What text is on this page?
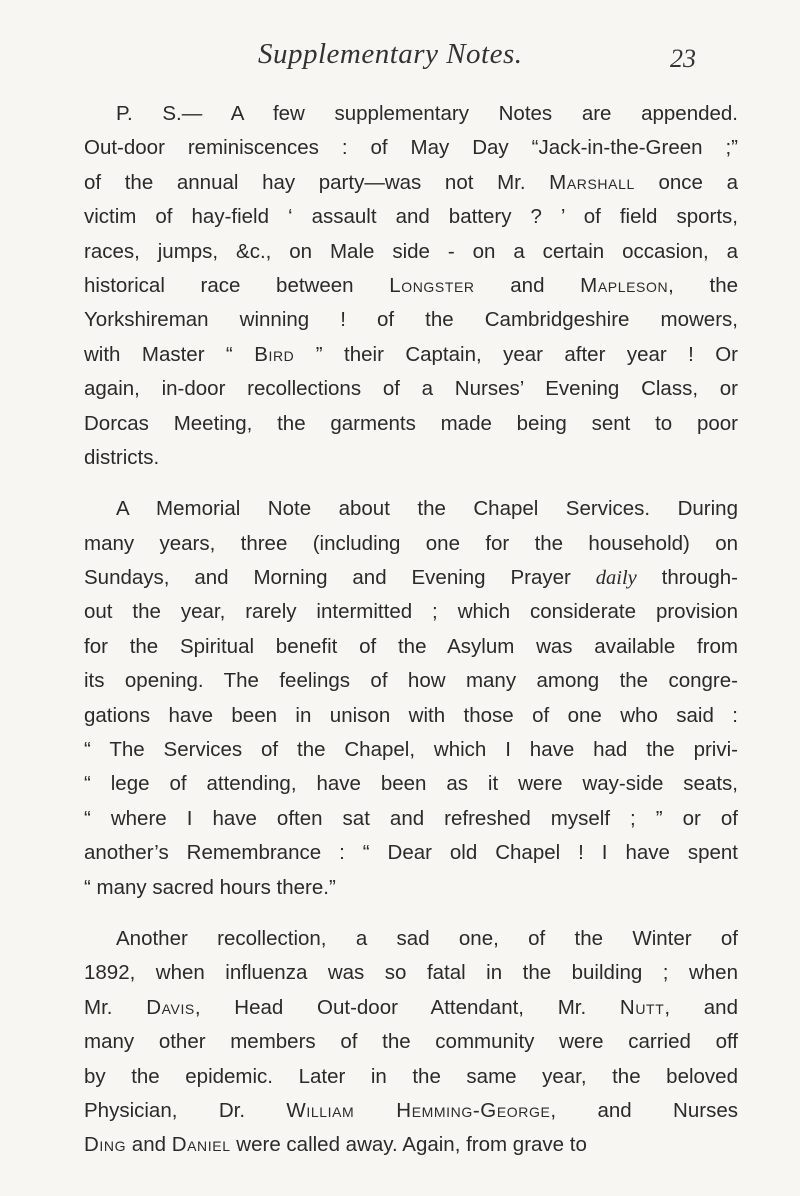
Supplementary Notes.	23
P. S.— A few supplementary Notes are appended.
Out-door reminiscences : of May Day “Jack-in-the-Green ;”
of the annual hay party—was not Mr. Marshall once a
victim of hay-field ‘ assault and battery ? ’ of field sports,
races, jumps, &c., on Male side - on a certain occasion, a
historical race between Longster and Mapleson, the
Yorkshireman winning ! of the Cambridgeshire mowers,
with Master “ Bird ” their Captain, year after year ! Or
again, in-door recollections of a Nurses’ Evening Class, or
Dorcas Meeting, the garments made being sent to poor
districts.
A Memorial Note about the Chapel Services. During
many years, three (including one for the household) on
Sundays, and Morning and Evening Prayer daily through-
out the year, rarely intermitted ; which considerate provision
for the Spiritual benefit of the Asylum was available from
its opening. The feelings of how many among the congre-
gations have been in unison with those of one who said :
“ The Services of the Chapel, which I have had the privi-
“ lege of attending, have been as it were way-side seats,
“ where I have often sat and refreshed myself ; ” or of
another’s Remembrance : “ Dear old Chapel ! I have spent
“ many sacred hours there.”
Another recollection, a sad one, of the Winter of
1892, when influenza was so fatal in the building ; when
Mr. Davis, Head Out-door Attendant, Mr. Nutt, and
many other members of the community were carried off
by the epidemic. Later in the same year, the beloved
Physician, Dr. William Hemming-George, and Nurses
Ding and Daniel were called away. Again, from grave to
